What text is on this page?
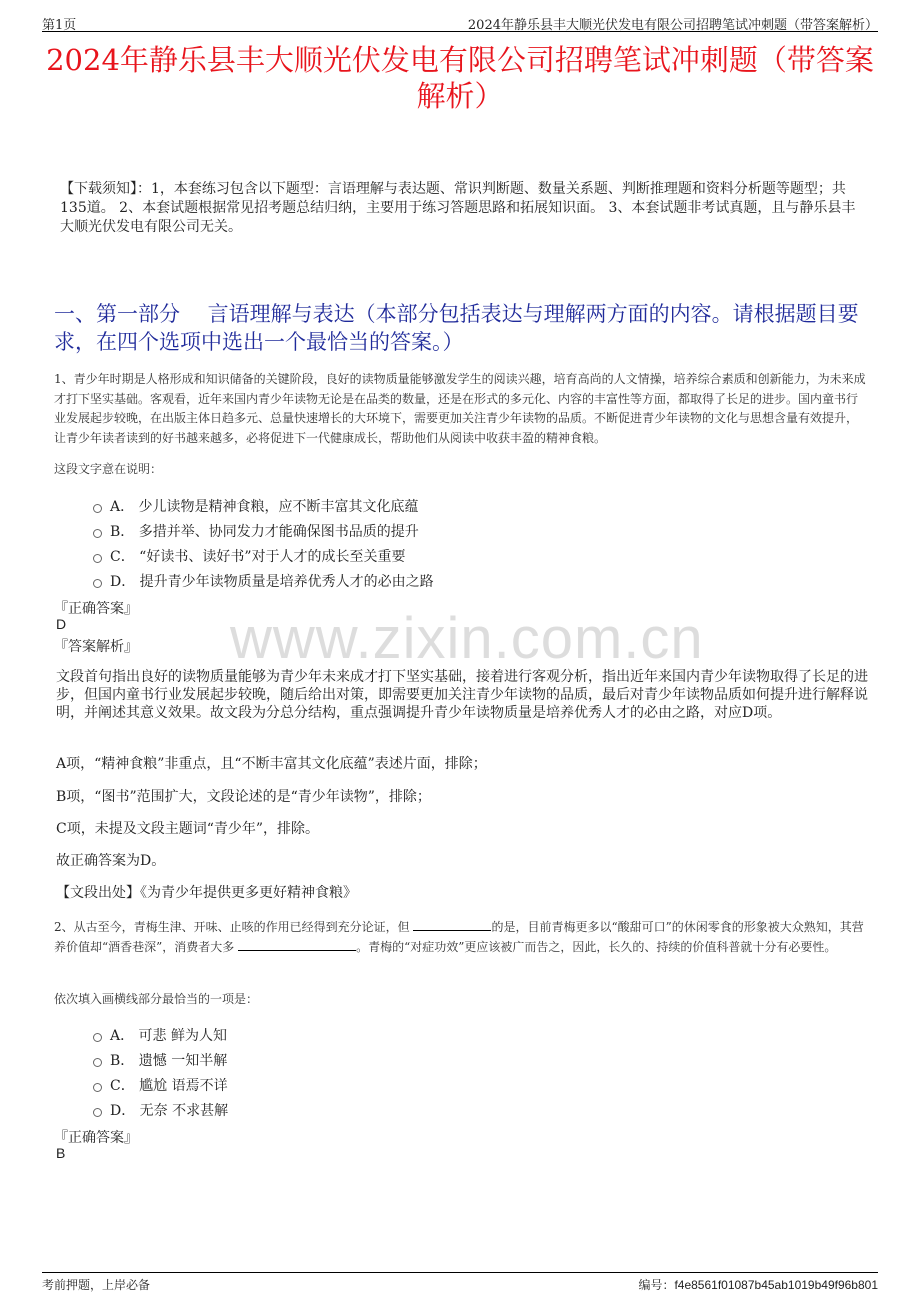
第1页	2024年静乐县丰大顺光伏发电有限公司招聘笔试冲刺题（带答案解析）
2024年静乐县丰大顺光伏发电有限公司招聘笔试冲刺题（带答案解析）
【下载须知】：1，本套练习包含以下题型：言语理解与表达题、常识判断题、数量关系题、判断推理题和资料分析题等题型；共135道。 2、本套试题根据常见招考题总结归纳，主要用于练习答题思路和拓展知识面。 3、本套试题非考试真题，且与静乐县丰大顺光伏发电有限公司无关。
一、第一部分　 言语理解与表达（本部分包括表达与理解两方面的内容。请根据题目要求，在四个选项中选出一个最恰当的答案。）
www.zixin.com.cn
1、青少年时期是人格形成和知识储备的关键阶段，良好的读物质量能够激发学生的阅读兴趣，培育高尚的人文情操，培养综合素质和创新能力，为未来成才打下坚实基础。客观看，近年来国内青少年读物无论是在品类的数量，还是在形式的多元化、内容的丰富性等方面，都取得了长足的进步。国内童书行业发展起步较晚，在出版主体日趋多元、总量快速增长的大环境下，需要更加关注青少年读物的品质。不断促进青少年读物的文化与思想含量有效提升，让青少年读者读到的好书越来越多，必将促进下一代健康成长，帮助他们从阅读中收获丰盈的精神食粮。
这段文字意在说明：
A． 少儿读物是精神食粮，应不断丰富其文化底蕴
B． 多措并举、协同发力才能确保图书品质的提升
C． “好读书、读好书”对于人才的成长至关重要
D． 提升青少年读物质量是培养优秀人才的必由之路
『正确答案』
D
『答案解析』
文段首句指出良好的读物质量能够为青少年未来成才打下坚实基础，接着进行客观分析，指出近年来国内青少年读物取得了长足的进步，但国内童书行业发展起步较晚，随后给出对策，即需要更加关注青少年读物的品质，最后对青少年读物品质如何提升进行解释说明，并阐述其意义效果。故文段为分总分结构，重点强调提升青少年读物质量是培养优秀人才的必由之路，对应D项。
A项，“精神食粮”非重点，且“不断丰富其文化底蕴”表述片面，排除；
B项，“图书”范围扩大，文段论述的是“青少年读物”，排除；
C项，未提及文段主题词“青少年”，排除。
故正确答案为D。
【文段出处】《为青少年提供更多更好精神食粮》
2、从古至今，青梅生津、开味、止咳的作用已经得到充分论证，但	的是，目前青梅更多以“酸甜可口”的休闲零食的形象被大众熟知，其营养价值却“酒香巷深”，消费者大多	。青梅的“对症功效”更应该被广而告之，因此，长久的、持续的价值科普就十分有必要性。
依次填入画横线部分最恰当的一项是：
A． 可悲 鲜为人知
B． 遗憾 一知半解
C． 尴尬 语焉不详
D． 无奈 不求甚解
『正确答案』
B
考前押题，上岸必备	编号：f4e8561f01087b45ab1019b49f96b801
